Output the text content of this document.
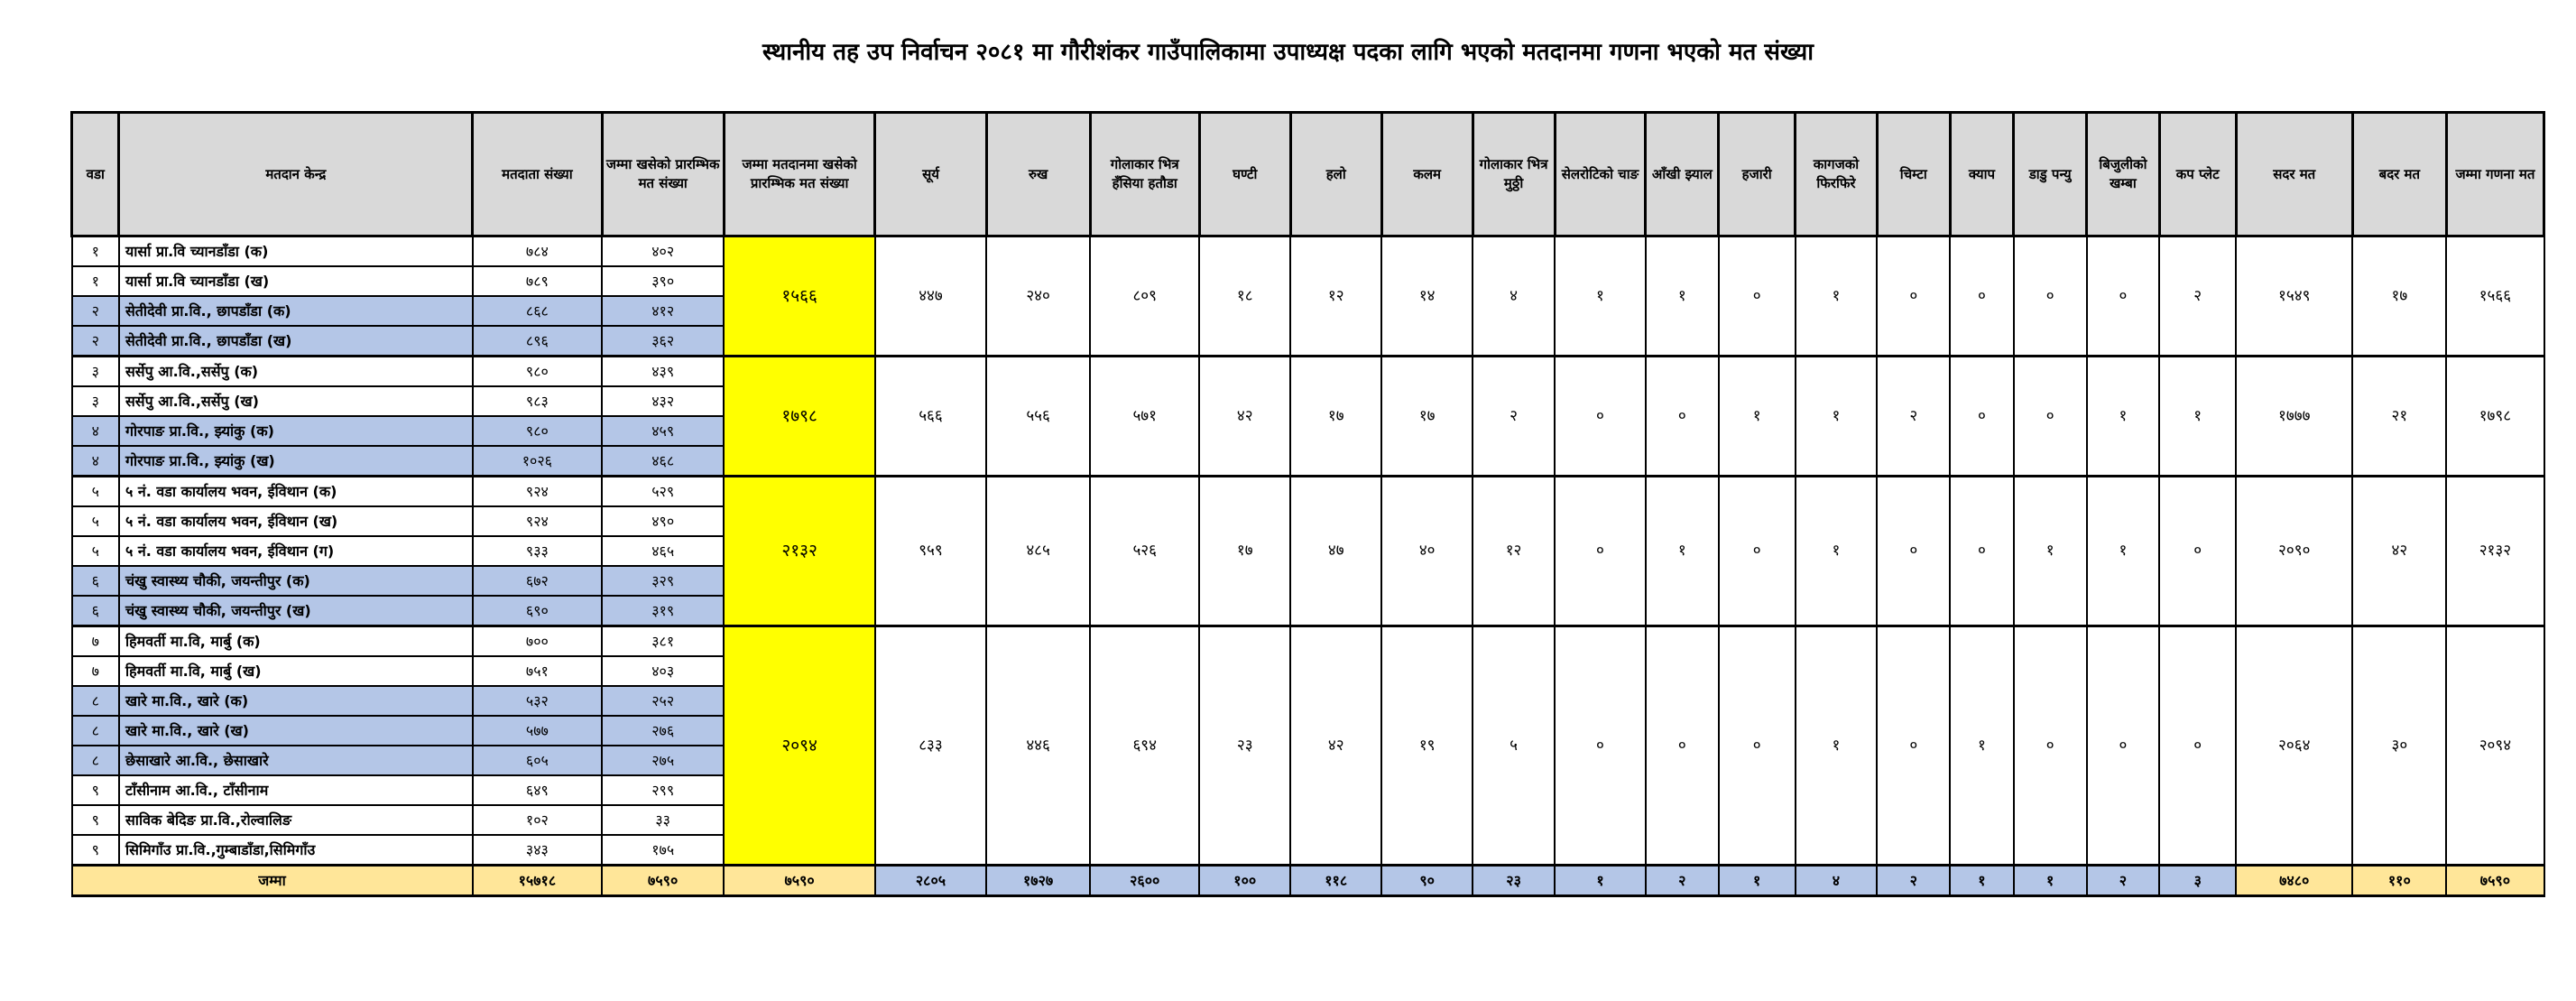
स्थानीय तह उप निर्वाचन २०८१ मा गौरीशंकर गाउँपालिकामा उपाध्यक्ष पदका लागि भएको मतदानमा गणना भएको मत संख्या
वडा	मतदान केन्द्र	मतदाता संख्या	जम्मा खसेको प्रारम्भिक मत संख्या	जम्मा मतदानमा खसेको प्रारम्भिक मत संख्या	सूर्य	रुख	गोलाकार भित्र हँसिया हतौडा	घण्टी	हलो	कलम	गोलाकार भित्र मुठ्ठी	सेलरोटिको चाङ	आँखी झ्याल	हजारी	कागजको फिरफिरे	चिम्टा	क्याप	डाडु पन्यु	बिजुलीको खम्बा	कप प्लेट	सदर मत	बदर मत	जम्मा गणना मत
१	यार्सा प्रा.वि च्यानडाँडा (क)	७८४	४०२	१५६६	४४७	२४०	८०९	१८	१२	१४	४	१	१	०	१	०	०	०	०	२	१५४९	१७	१५६६
१	यार्सा प्रा.वि च्यानडाँडा (ख)	७८९	३९०																				
२	सेतीदेवी प्रा.वि., छापडाँडा (क)	८६८	४१२																				
२	सेतीदेवी प्रा.वि., छापडाँडा (ख)	८९६	३६२																				
३	सर्सेपु आ.वि.,सर्सेपु (क)	९८०	४३९	१७९८	५६६	५५६	५७१	४२	१७	१७	२	०	०	१	१	२	०	०	१	१	१७७७	२१	१७९८
३	सर्सेपु आ.वि.,सर्सेपु (ख)	९८३	४३२																				
४	गोरपाङ प्रा.वि., झ्यांकु (क)	९८०	४५९																				
४	गोरपाङ प्रा.वि., झ्यांकु (ख)	१०२६	४६८																				
५	५ नं. वडा कार्यालय भवन, ईविथान (क)	९२४	५२९	२१३२	९५९	४८५	५२६	१७	४७	४०	१२	०	१	०	१	०	०	१	१	०	२०९०	४२	२१३२
५	५ नं. वडा कार्यालय भवन, ईविथान (ख)	९२४	४९०																				
५	५ नं. वडा कार्यालय भवन, ईविथान (ग)	९३३	४६५																				
६	चंखु स्वास्थ्य चौकी, जयन्तीपुर (क)	६७२	३२९																				
६	चंखु स्वास्थ्य चौकी, जयन्तीपुर (ख)	६९०	३१९																				
७	हिमवर्ती मा.वि, मार्बु (क)	७००	३८१	२०९४	८३३	४४६	६९४	२३	४२	१९	५	०	०	०	१	०	१	०	०	०	२०६४	३०	२०९४
७	हिमवर्ती मा.वि, मार्बु (ख)	७५१	४०३																				
८	खारे मा.वि., खारे (क)	५३२	२५२																				
८	खारे मा.वि., खारे (ख)	५७७	२७६																				
८	छेसाखारे आ.वि., छेसाखारे	६०५	२७५																				
९	टाँसीनाम आ.वि., टाँसीनाम	६४९	२९९																				
९	साविक बेदिङ प्रा.वि.,रोल्वालिङ	१०२	३३																				
९	सिमिगाँउ प्रा.वि.,गुम्बाडाँडा,सिमिगाँउ	३४३	१७५																				
जम्मा		१५७१८	७५९०	७५९०	२८०५	१७२७	२६००	१००	११८	९०	२३	१	२	१	४	२	१	१	२	३	७४८०	११०	७५९०
